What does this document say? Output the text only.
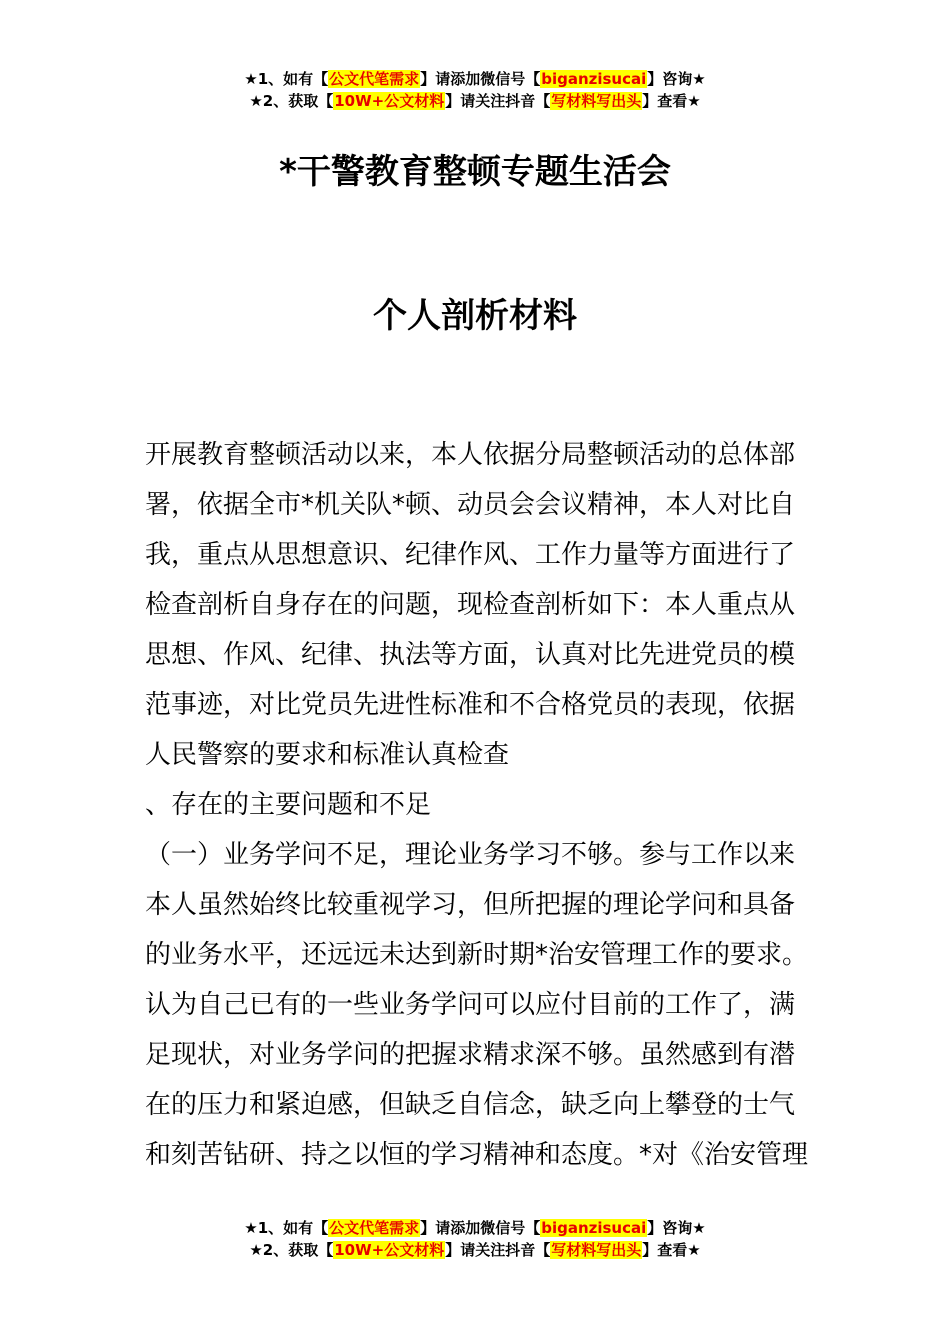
★1、如有【公文代笔需求】请添加微信号【biganzisucai】咨询★
★2、获取【10W+公文材料】请关注抖音【写材料写出头】查看★
*干警教育整顿专题生活会
个人剖析材料
开展教育整顿活动以来，本人依据分局整顿活动的总体部
署，依据全市*机关队*顿、动员会会议精神，本人对比自
我，重点从思想意识、纪律作风、工作力量等方面进行了
检查剖析自身存在的问题，现检查剖析如下：本人重点从
思想、作风、纪律、执法等方面，认真对比先进党员的模
范事迹，对比党员先进性标准和不合格党员的表现，依据
人民警察的要求和标准认真检查
、存在的主要问题和不足
（一）业务学问不足，理论业务学习不够。参与工作以来
本人虽然始终比较重视学习，但所把握的理论学问和具备
的业务水平，还远远未达到新时期*治安管理工作的要求。
认为自己已有的一些业务学问可以应付目前的工作了，满
足现状，对业务学问的把握求精求深不够。虽然感到有潜
在的压力和紧迫感，但缺乏自信念，缺乏向上攀登的士气
和刻苦钻研、持之以恒的学习精神和态度。*对《治安管理
★1、如有【公文代笔需求】请添加微信号【biganzisucai】咨询★
★2、获取【10W+公文材料】请关注抖音【写材料写出头】查看★
